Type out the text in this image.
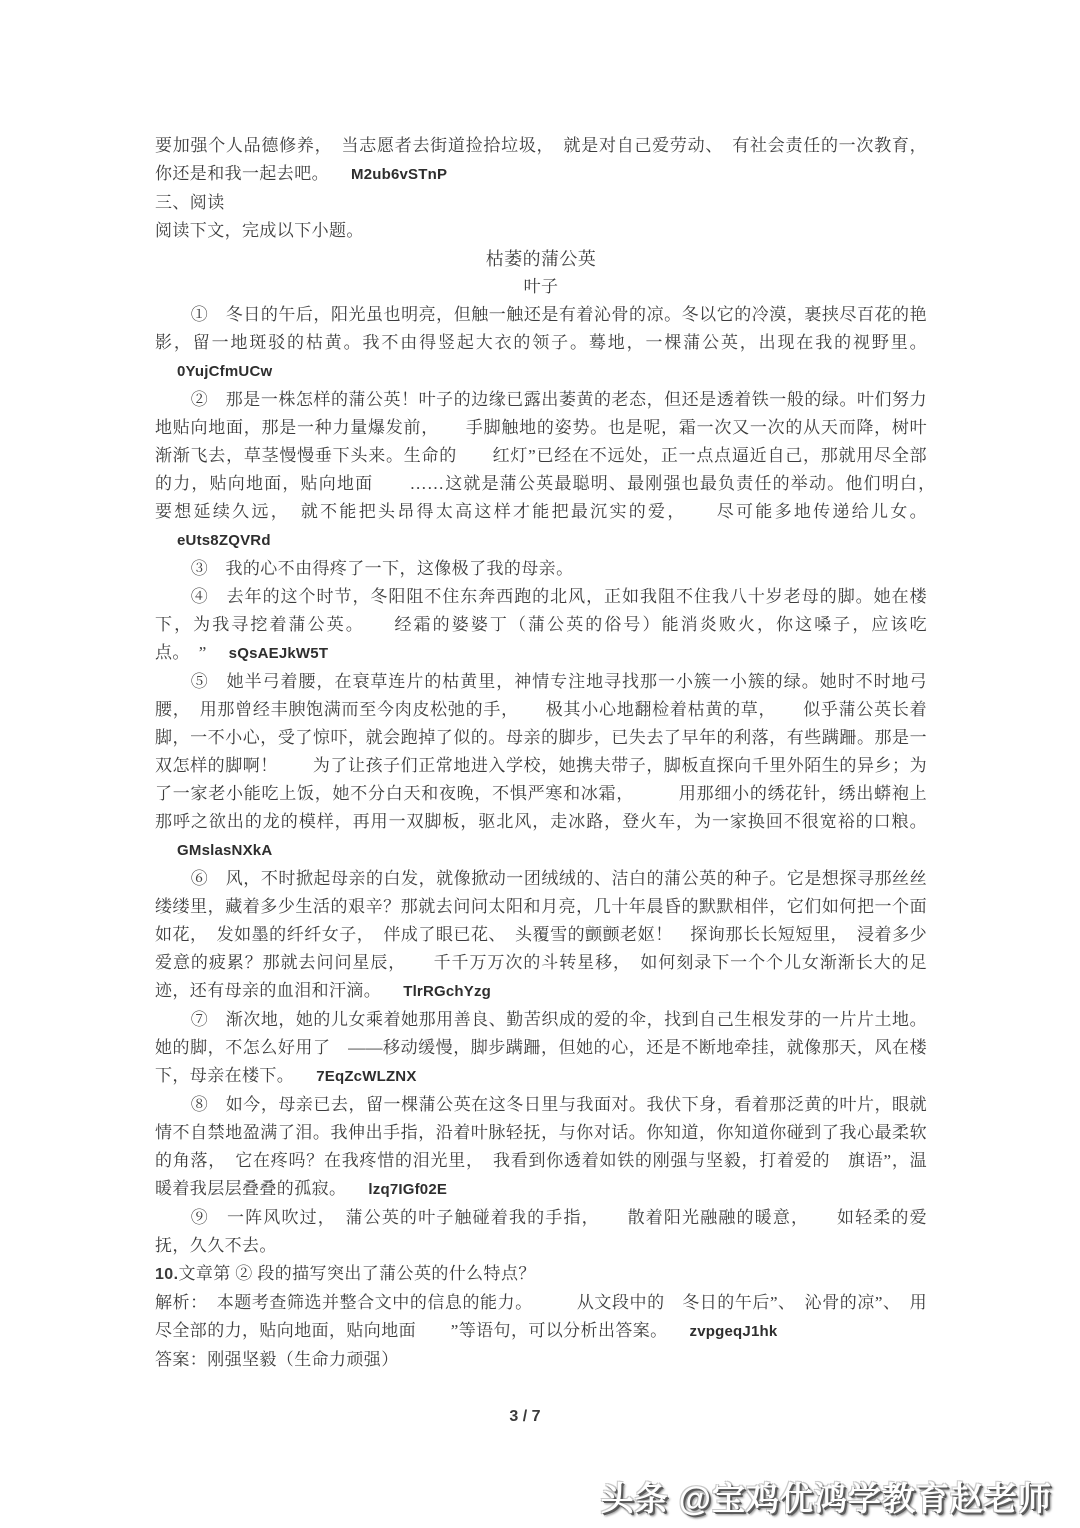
要加强个人品德修养，　当志愿者去街道捡拾垃圾，　就是对自己爱劳动、　有社会责任的一次教育，你还是和我一起去吧。 M2ub6vSTnP

三、阅读

阅读下文，完成以下小题。

枯萎的蒲公英

叶子

①　冬日的午后，阳光虽也明亮，但触一触还是有着沁骨的凉。冬以它的冷漠，裹挟尽百花的艳影，留一地斑驳的枯黄。我不由得竖起大衣的领子。蓦地，一棵蒲公英，出现在我的视野里。0YujCfmUCw

②　那是一株怎样的蒲公英！叶子的边缘已露出萎黄的老态，但还是透着铁一般的绿。叶们努力地贴向地面，那是一种力量爆发前，　　手脚触地的姿势。也是呢，霜一次又一次的从天而降，树叶渐渐飞去，草茎慢慢垂下头来。生命的　　红灯”已经在不远处，正一点点逼近自己，那就用尽全部的力，贴向地面，贴向地面　　……这就是蒲公英最聪明、最刚强也最负责任的举动。他们明白，　要想延续久远，　就不能把头昂得太高这样才能把最沉实的爱，　　尽可能多地传递给儿女。eUts8ZQVRd

③　我的心不由得疼了一下，这像极了我的母亲。

④　去年的这个时节，冬阳阻不住东奔西跑的北风，正如我阻不住我八十岁老母的脚。她在楼下，为我寻挖着蒲公英。　　经霜的婆婆丁（蒲公英的俗号）能消炎败火，你这嗓子，应该吃点。　” sQsAEJkW5T

⑤　她半弓着腰，在衰草连片的枯黄里，神情专注地寻找那一小簇一小簇的绿。她时不时地弓腰，　用那曾经丰腴饱满而至今肉皮松弛的手，　　极其小心地翻检着枯黄的草，　　似乎蒲公英长着脚，一不小心，受了惊吓，就会跑掉了似的。母亲的脚步，已失去了早年的利落，有些蹒跚。那是一双怎样的脚啊！　　为了让孩子们正常地进入学校，她携夫带子，脚板直探向千里外陌生的异乡；为了一家老小能吃上饭，她不分白天和夜晚，不惧严寒和冰霜，　　　用那细小的绣花针，绣出蟒袍上那呼之欲出的龙的模样，再用一双脚板，驱北风，走冰路，登火车，为一家换回不很宽裕的口粮。GMslasNXkA

⑥　风，不时掀起母亲的白发，就像掀动一团绒绒的、洁白的蒲公英的种子。它是想探寻那丝丝缕缕里，藏着多少生活的艰辛？那就去问问太阳和月亮，几十年晨昏的默默相伴，它们如何把一个面如花，　发如墨的纤纤女子，　伴成了眼已花、　头覆雪的颤颤老妪！　探询那长长短短里，　浸着多少爱意的疲累？那就去问问星辰，　　千千万万次的斗转星移，　如何刻录下一个个儿女渐渐长大的足迹，还有母亲的血泪和汗滴。 TlrRGchYzg

⑦　渐次地，她的儿女乘着她那用善良、勤苦织成的爱的伞，找到自己生根发芽的一片片土地。她的脚，不怎么好用了　——移动缓慢，脚步蹒跚，但她的心，还是不断地牵挂，就像那天，风在楼下，母亲在楼下。 7EqZcWLZNX

⑧　如今，母亲已去，留一棵蒲公英在这冬日里与我面对。我伏下身，看着那泛黄的叶片，眼就情不自禁地盈满了泪。我伸出手指，沿着叶脉轻抚，与你对话。你知道，你知道你碰到了我心最柔软的角落，　它在疼吗？在我疼惜的泪光里，　我看到你透着如铁的刚强与坚毅，打着爱的　旗语”，温暖着我层层叠叠的孤寂。 lzq7IGf02E

⑨　一阵风吹过，　蒲公英的叶子触碰着我的手指，　　散着阳光融融的暖意，　　如轻柔的爱抚，久久不去。

10.文章第 ② 段的描写突出了蒲公英的什么特点？

解析：　本题考查筛选并整合文中的信息的能力。　　　从文段中的　冬日的午后”、　沁骨的凉”、　用尽全部的力，贴向地面，贴向地面　　”等语句，可以分析出答案。 zvpgeqJ1hk

答案：刚强坚毅（生命力顽强）

3 / 7
头条 @宝鸡优鸿学教育赵老师
